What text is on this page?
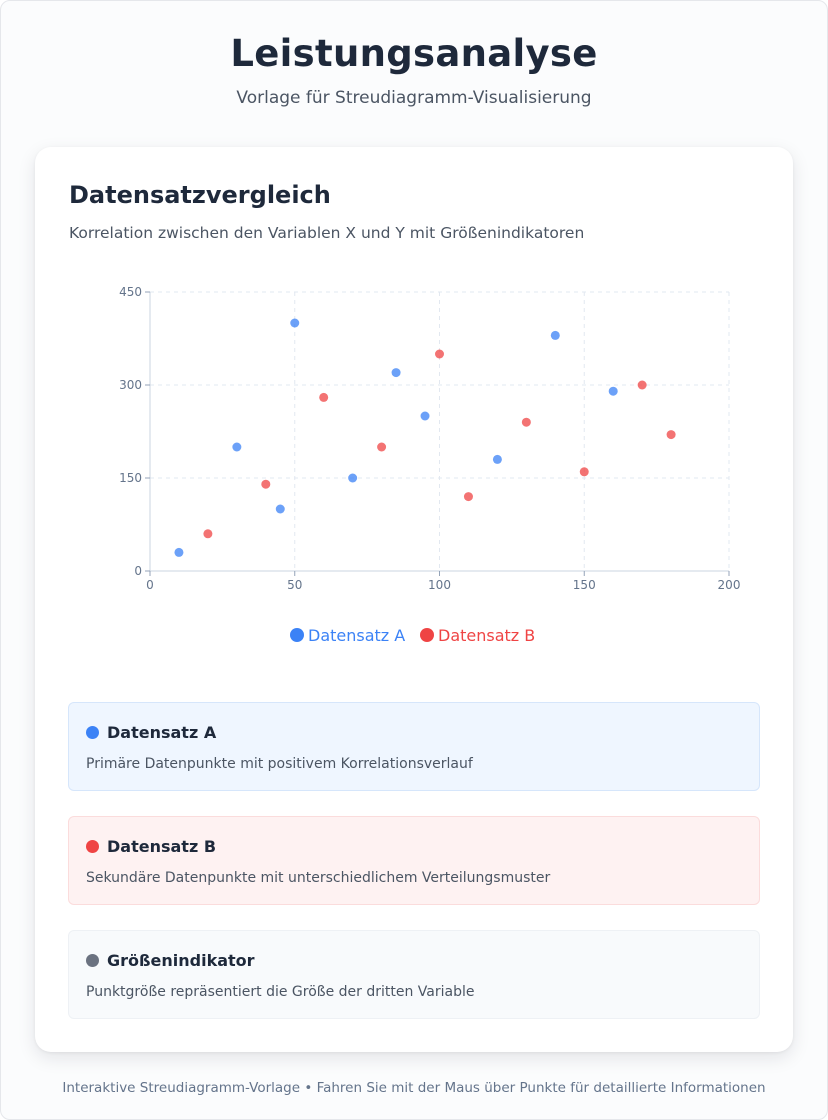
Leistungsanalyse
Vorlage für Streudiagramm-Visualisierung
Datensatzvergleich
Korrelation zwischen den Variablen X und Y mit Größenindikatoren
0
150
300
450
0	50	100	150	200
Datensatz A Datensatz B
Datensatz A
Primäre Datenpunkte mit positivem Korrelationsverlauf
Datensatz B
Sekundäre Datenpunkte mit unterschiedlichem Verteilungsmuster
Größenindikator
Punktgröße repräsentiert die Größe der dritten Variable
Interaktive Streudiagramm-Vorlage • Fahren Sie mit der Maus über Punkte für detaillierte Informationen
